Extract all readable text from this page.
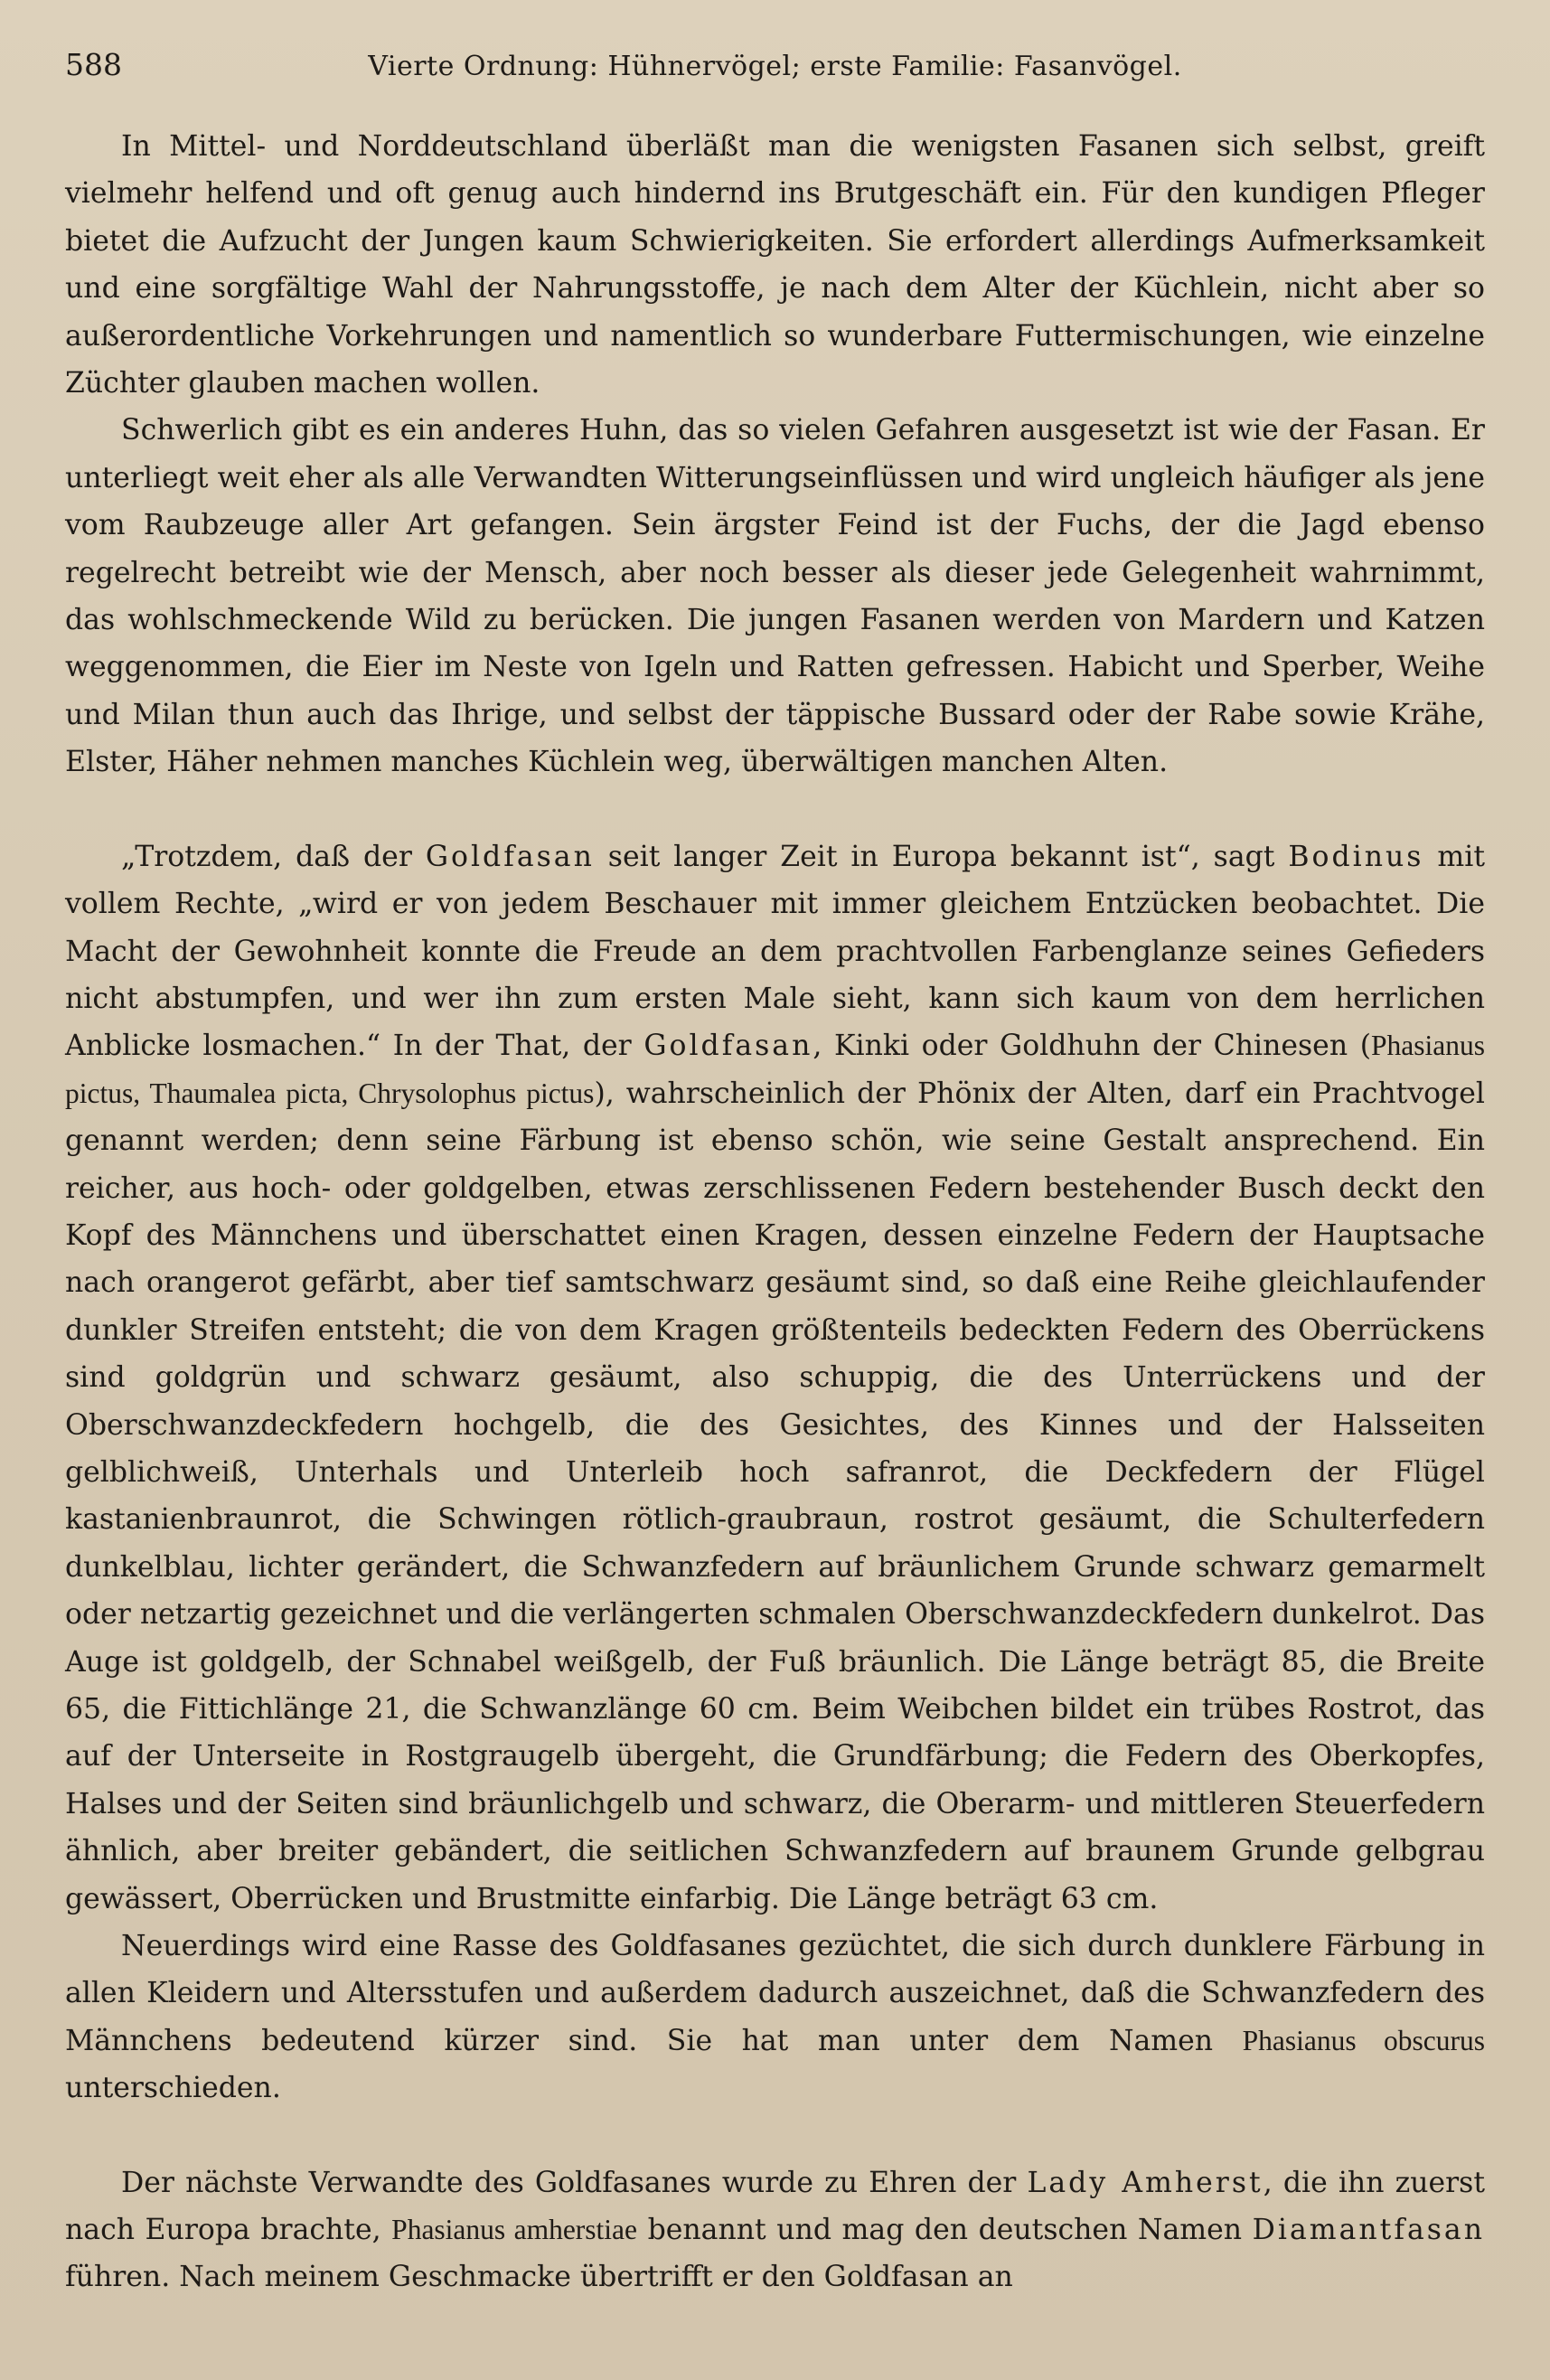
588	Vierte Ordnung: Hühnervögel; erste Familie: Fasanvögel.

In Mittel- und Norddeutschland überläßt man die wenigsten Fasanen sich selbst, greift vielmehr helfend und oft genug auch hindernd ins Brutgeschäft ein. Für den kundigen Pfleger bietet die Aufzucht der Jungen kaum Schwierigkeiten. Sie erfordert allerdings Aufmerksamkeit und eine sorgfältige Wahl der Nahrungsstoffe, je nach dem Alter der Küchlein, nicht aber so außerordentliche Vorkehrungen und namentlich so wunderbare Futtermischungen, wie einzelne Züchter glauben machen wollen.

Schwerlich gibt es ein anderes Huhn, das so vielen Gefahren ausgesetzt ist wie der Fasan. Er unterliegt weit eher als alle Verwandten Witterungseinflüssen und wird ungleich häufiger als jene vom Raubzeuge aller Art gefangen. Sein ärgster Feind ist der Fuchs, der die Jagd ebenso regelrecht betreibt wie der Mensch, aber noch besser als dieser jede Gelegenheit wahrnimmt, das wohlschmeckende Wild zu berücken. Die jungen Fasanen werden von Mardern und Katzen weggenommen, die Eier im Neste von Igeln und Ratten gefressen. Habicht und Sperber, Weihe und Milan thun auch das Ihrige, und selbst der täppische Bussard oder der Rabe sowie Krähe, Elster, Häher nehmen manches Küchlein weg, überwältigen manchen Alten.

„Trotzdem, daß der Goldfasan seit langer Zeit in Europa bekannt ist“, sagt Bodinus mit vollem Rechte, „wird er von jedem Beschauer mit immer gleichem Entzücken beobachtet. Die Macht der Gewohnheit konnte die Freude an dem prachtvollen Farbenglanze seines Gefieders nicht abstumpfen, und wer ihn zum ersten Male sieht, kann sich kaum von dem herrlichen Anblicke losmachen.“ In der That, der Goldfasan, Kinki oder Goldhuhn der Chinesen (Phasianus pictus, Thaumalea picta, Chrysolophus pictus), wahrscheinlich der Phönix der Alten, darf ein Prachtvogel genannt werden; denn seine Färbung ist ebenso schön, wie seine Gestalt ansprechend. Ein reicher, aus hoch- oder goldgelben, etwas zerschlissenen Federn bestehender Busch deckt den Kopf des Männchens und überschattet einen Kragen, dessen einzelne Federn der Hauptsache nach orangerot gefärbt, aber tief samtschwarz gesäumt sind, so daß eine Reihe gleichlaufender dunkler Streifen entsteht; die von dem Kragen größtenteils bedeckten Federn des Oberrückens sind goldgrün und schwarz gesäumt, also schuppig, die des Unterrückens und der Oberschwanzdeckfedern hochgelb, die des Gesichtes, des Kinnes und der Halsseiten gelblichweiß, Unterhals und Unterleib hoch safranrot, die Deckfedern der Flügel kastanienbraunrot, die Schwingen rötlich-graubraun, rostrot gesäumt, die Schulterfedern dunkelblau, lichter gerändert, die Schwanzfedern auf bräunlichem Grunde schwarz gemarmelt oder netzartig gezeichnet und die verlängerten schmalen Oberschwanzdeckfedern dunkelrot. Das Auge ist goldgelb, der Schnabel weißgelb, der Fuß bräunlich. Die Länge beträgt 85, die Breite 65, die Fittichlänge 21, die Schwanzlänge 60 cm. Beim Weibchen bildet ein trübes Rostrot, das auf der Unterseite in Rostgraugelb übergeht, die Grundfärbung; die Federn des Oberkopfes, Halses und der Seiten sind bräunlichgelb und schwarz, die Oberarm- und mittleren Steuerfedern ähnlich, aber breiter gebändert, die seitlichen Schwanzfedern auf braunem Grunde gelbgrau gewässert, Oberrücken und Brustmitte einfarbig. Die Länge beträgt 63 cm.

Neuerdings wird eine Rasse des Goldfasanes gezüchtet, die sich durch dunklere Färbung in allen Kleidern und Altersstufen und außerdem dadurch auszeichnet, daß die Schwanzfedern des Männchens bedeutend kürzer sind. Sie hat man unter dem Namen Phasianus obscurus unterschieden.

Der nächste Verwandte des Goldfasanes wurde zu Ehren der Lady Amherst, die ihn zuerst nach Europa brachte, Phasianus amherstiae benannt und mag den deutschen Namen Diamantfasan führen. Nach meinem Geschmacke übertrifft er den Goldfasan an
